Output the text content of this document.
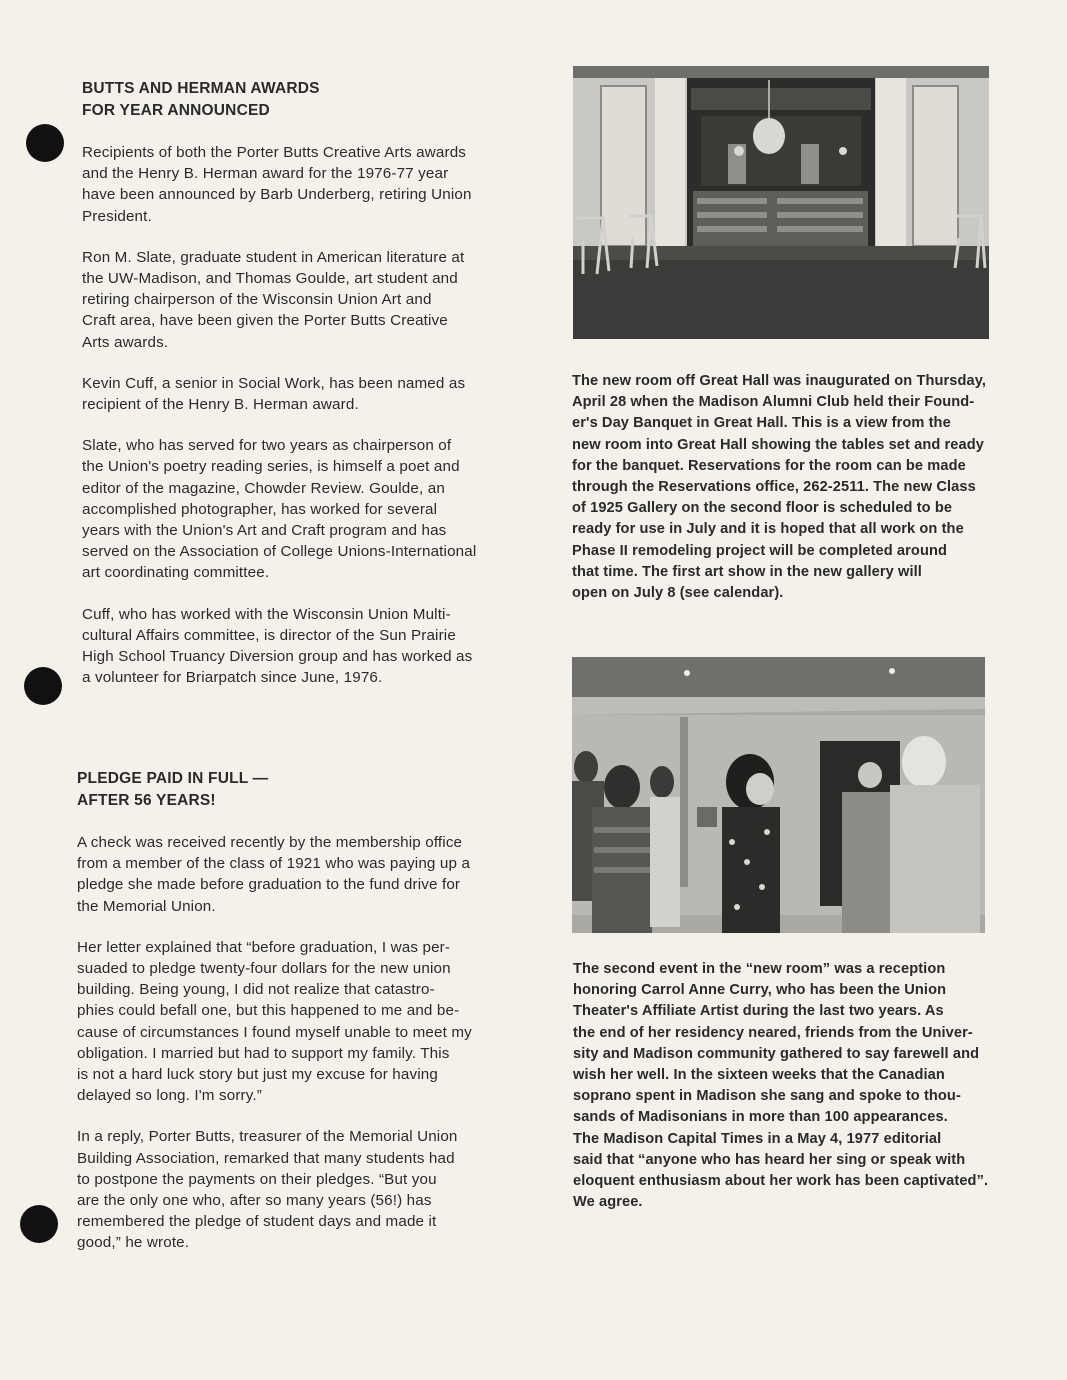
BUTTS AND HERMAN AWARDS
FOR YEAR ANNOUNCED

Recipients of both the Porter Butts Creative Arts awards
and the Henry B. Herman award for the 1976-77 year
have been announced by Barb Underberg, retiring Union
President.

Ron M. Slate, graduate student in American literature at
the UW-Madison, and Thomas Goulde, art student and
retiring chairperson of the Wisconsin Union Art and
Craft area, have been given the Porter Butts Creative
Arts awards.

Kevin Cuff, a senior in Social Work, has been named as
recipient of the Henry B. Herman award.

Slate, who has served for two years as chairperson of
the Union's poetry reading series, is himself a poet and
editor of the magazine, Chowder Review. Goulde, an
accomplished photographer, has worked for several
years with the Union's Art and Craft program and has
served on the Association of College Unions-International
art coordinating committee.

Cuff, who has worked with the Wisconsin Union Multi-
cultural Affairs committee, is director of the Sun Prairie
High School Truancy Diversion group and has worked as
a volunteer for Briarpatch since June, 1976.

PLEDGE PAID IN FULL —
AFTER 56 YEARS!

A check was received recently by the membership office
from a member of the class of 1921 who was paying up a
pledge she made before graduation to the fund drive for
the Memorial Union.

Her letter explained that “before graduation, I was per-
suaded to pledge twenty-four dollars for the new union
building. Being young, I did not realize that catastro-
phies could befall one, but this happened to me and be-
cause of circumstances I found myself unable to meet my
obligation. I married but had to support my family. This
is not a hard luck story but just my excuse for having
delayed so long. I'm sorry.”

In a reply, Porter Butts, treasurer of the Memorial Union
Building Association, remarked that many students had
to postpone the payments on their pledges. “But you
are the only one who, after so many years (56!) has
remembered the pledge of student days and made it
good,” he wrote.

The new room off Great Hall was inaugurated on Thursday,
April 28 when the Madison Alumni Club held their Found-
er's Day Banquet in Great Hall. This is a view from the
new room into Great Hall showing the tables set and ready
for the banquet. Reservations for the room can be made
through the Reservations office, 262-2511. The new Class
of 1925 Gallery on the second floor is scheduled to be
ready for use in July and it is hoped that all work on the
Phase II remodeling project will be completed around
that time. The first art show in the new gallery will
open on July 8 (see calendar).

The second event in the “new room” was a reception
honoring Carrol Anne Curry, who has been the Union
Theater's Affiliate Artist during the last two years. As
the end of her residency neared, friends from the Univer-
sity and Madison community gathered to say farewell and
wish her well. In the sixteen weeks that the Canadian
soprano spent in Madison she sang and spoke to thou-
sands of Madisonians in more than 100 appearances.
The Madison Capital Times in a May 4, 1977 editorial
said that “anyone who has heard her sing or speak with
eloquent enthusiasm about her work has been captivated”.
We agree.
